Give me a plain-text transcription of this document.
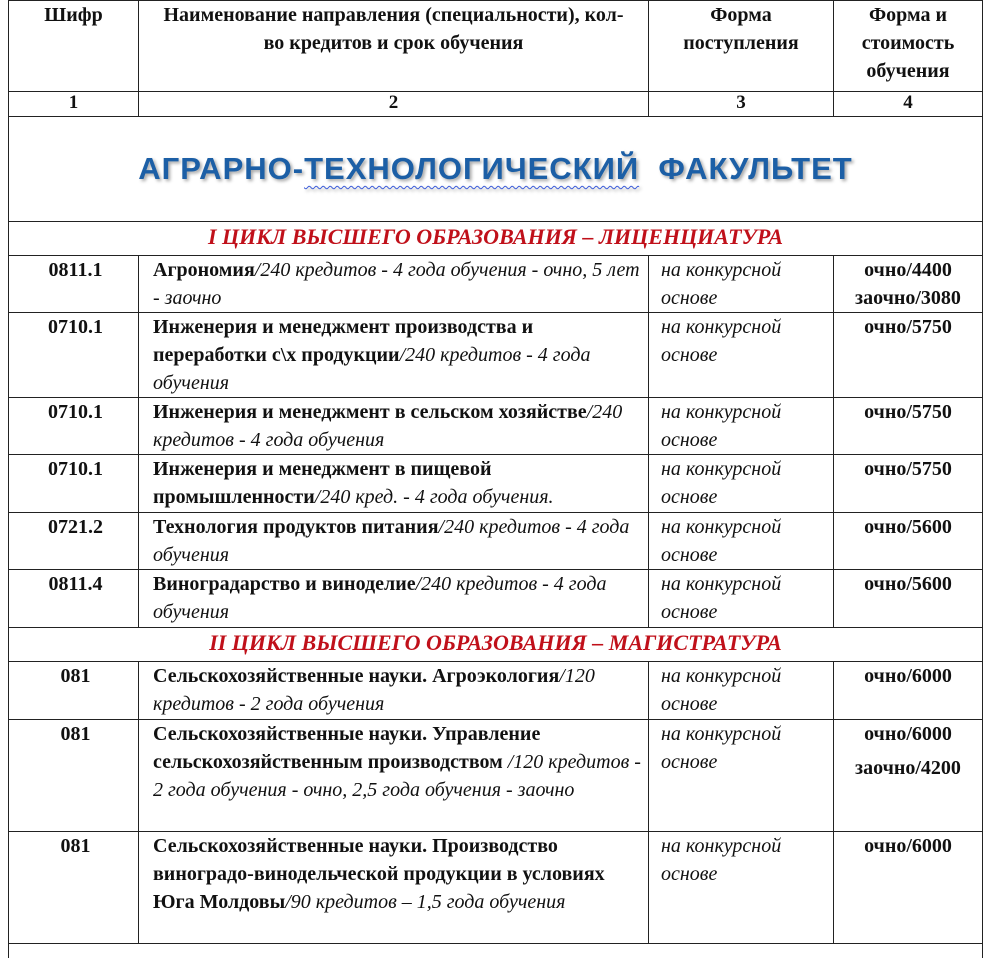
Шифр	Наименование направления (специальности), кол-во кредитов и срок обучения	Форма поступления	Форма и стоимость обучения
1	2	3	4
АГРАРНО-ТЕХНОЛОГИЧЕСКИЙ ФАКУЛЬТЕТ			
I ЦИКЛ ВЫСШЕГО ОБРАЗОВАНИЯ – ЛИЦЕНЦИАТУРА			
0811.1	Агрономия/240 кредитов - 4 года обучения - очно, 5 лет - заочно	на конкурсной основе	очно/4400
заочно/3080

0710.1	Инженерия и менеджмент производства и переработки с\х продукции/240 кредитов - 4 года обучения	на конкурсной основе	очно/5750

0710.1	Инженерия и менеджмент в сельском хозяйстве/240 кредитов - 4 года обучения	на конкурсной основе	очно/5750

0710.1	Инженерия и менеджмент в пищевой промышленности/240 кред. - 4 года обучения.	на конкурсной основе	очно/5750

0721.2	Технология продуктов питания/240 кредитов - 4 года обучения	на конкурсной основе	очно/5600

0811.4	Виноградарство и виноделие/240 кредитов - 4 года обучения	на конкурсной основе	очно/5600

II ЦИКЛ ВЫСШЕГО ОБРАЗОВАНИЯ – МАГИСТРАТУРА			
081	Сельскохозяйственные науки. Агроэкология/120 кредитов - 2 года обучения	на конкурсной основе	очно/6000

081	Сельскохозяйственные науки. Управление сельскохозяйственным производством /120 кредитов - 2 года обучения - очно, 2,5 года обучения - заочно	на конкурсной основе	очно/6000
заочно/4200

081	Сельскохозяйственные науки. Производство виноградо-винодельческой продукции в условиях Юга Молдовы/90 кредитов – 1,5 года обучения	на конкурсной основе	очно/6000
